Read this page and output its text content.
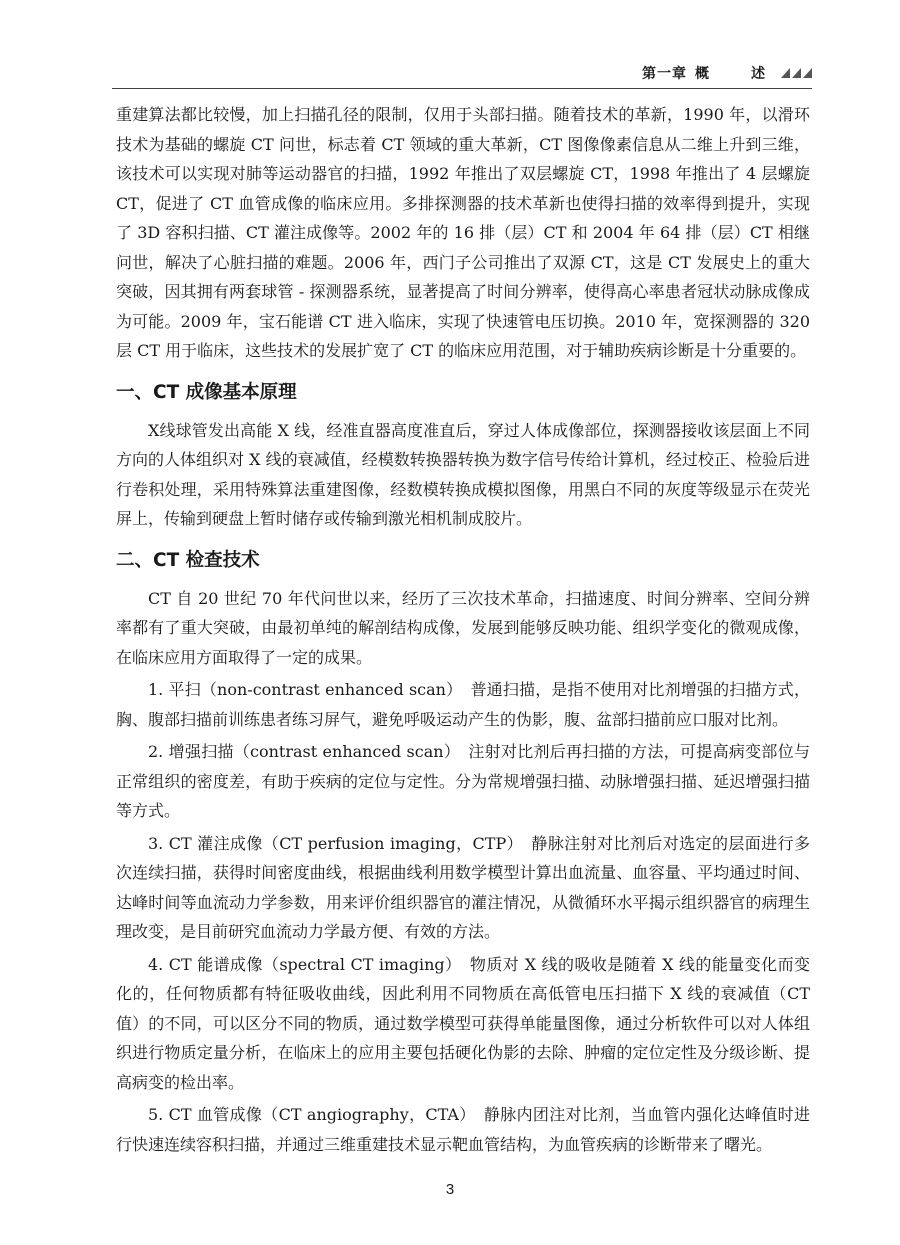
第一章 概　述

重建算法都比较慢，加上扫描孔径的限制，仅用于头部扫描。随着技术的革新，1990 年，以滑环技术为基础的螺旋 CT 问世，标志着 CT 领域的重大革新，CT 图像像素信息从二维上升到三维，该技术可以实现对肺等运动器官的扫描，1992 年推出了双层螺旋 CT，1998 年推出了 4 层螺旋 CT，促进了 CT 血管成像的临床应用。多排探测器的技术革新也使得扫描的效率得到提升，实现了 3D 容积扫描、CT 灌注成像等。2002 年的 16 排（层）CT 和 2004 年 64 排（层）CT 相继问世，解决了心脏扫描的难题。2006 年，西门子公司推出了双源 CT，这是 CT 发展史上的重大突破，因其拥有两套球管 - 探测器系统，显著提高了时间分辨率，使得高心率患者冠状动脉成像成为可能。2009 年，宝石能谱 CT 进入临床，实现了快速管电压切换。2010 年，宽探测器的 320 层 CT 用于临床，这些技术的发展扩宽了 CT 的临床应用范围，对于辅助疾病诊断是十分重要的。

一、CT 成像基本原理

X线球管发出高能 X 线，经准直器高度准直后，穿过人体成像部位，探测器接收该层面上不同方向的人体组织对 X 线的衰减值，经模数转换器转换为数字信号传给计算机，经过校正、检验后进行卷积处理，采用特殊算法重建图像，经数模转换成模拟图像，用黑白不同的灰度等级显示在荧光屏上，传输到硬盘上暂时储存或传输到激光相机制成胶片。

二、CT 检查技术

CT 自 20 世纪 70 年代问世以来，经历了三次技术革命，扫描速度、时间分辨率、空间分辨率都有了重大突破，由最初单纯的解剖结构成像，发展到能够反映功能、组织学变化的微观成像，在临床应用方面取得了一定的成果。

1. 平扫（non-contrast enhanced scan）　普通扫描，是指不使用对比剂增强的扫描方式，胸、腹部扫描前训练患者练习屏气，避免呼吸运动产生的伪影，腹、盆部扫描前应口服对比剂。

2. 增强扫描（contrast enhanced scan）　注射对比剂后再扫描的方法，可提高病变部位与正常组织的密度差，有助于疾病的定位与定性。分为常规增强扫描、动脉增强扫描、延迟增强扫描等方式。

3. CT 灌注成像（CT perfusion imaging，CTP）　静脉注射对比剂后对选定的层面进行多次连续扫描，获得时间密度曲线，根据曲线利用数学模型计算出血流量、血容量、平均通过时间、达峰时间等血流动力学参数，用来评价组织器官的灌注情况，从微循环水平揭示组织器官的病理生理改变，是目前研究血流动力学最方便、有效的方法。

4. CT 能谱成像（spectral CT imaging）　物质对 X 线的吸收是随着 X 线的能量变化而变化的，任何物质都有特征吸收曲线，因此利用不同物质在高低管电压扫描下 X 线的衰减值（CT 值）的不同，可以区分不同的物质，通过数学模型可获得单能量图像，通过分析软件可以对人体组织进行物质定量分析，在临床上的应用主要包括硬化伪影的去除、肿瘤的定位定性及分级诊断、提高病变的检出率。

5. CT 血管成像（CT angiography，CTA）　静脉内团注对比剂，当血管内强化达峰值时进行快速连续容积扫描，并通过三维重建技术显示靶血管结构，为血管疾病的诊断带来了曙光。

3
